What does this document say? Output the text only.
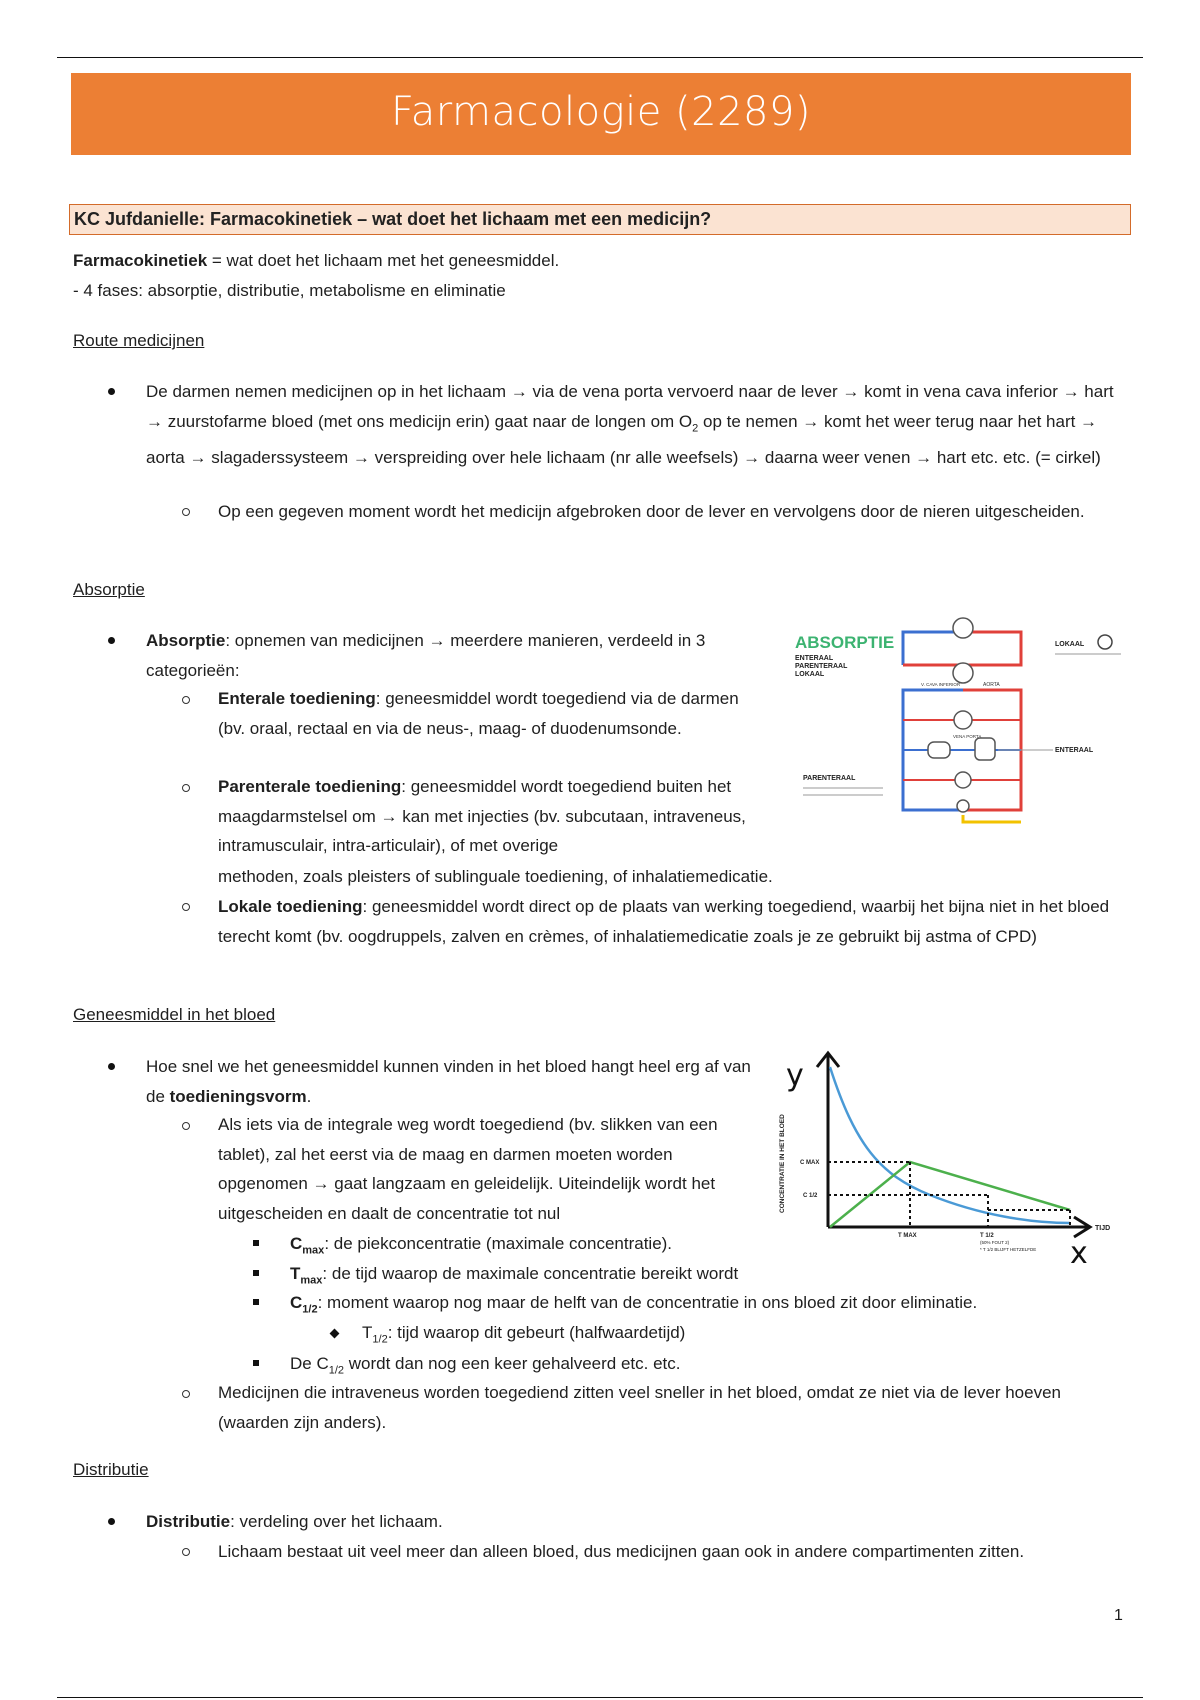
Farmacologie (2289)
KC Jufdanielle: Farmacokinetiek – wat doet het lichaam met een medicijn?
Farmacokinetiek = wat doet het lichaam met het geneesmiddel.
- 4 fases: absorptie, distributie, metabolisme en eliminatie
Route medicijnen
De darmen nemen medicijnen op in het lichaam → via de vena porta vervoerd naar de lever → komt in vena cava inferior → hart → zuurstofarme bloed (met ons medicijn erin) gaat naar de longen om $O_2$ op te nemen → komt het weer terug naar het hart → aorta → slagaderssysteem → verspreiding over hele lichaam (nr alle weefsels) → daarna weer venen → hart etc. etc. (= cirkel)
Op een gegeven moment wordt het medicijn afgebroken door de lever en vervolgens door de nieren uitgescheiden.
Absorptie
Absorptie: opnemen van medicijnen → meerdere manieren, verdeeld in 3 categorieën:
Enterale toediening: geneesmiddel wordt toegediend via de darmen (bv. oraal, rectaal en via de neus-, maag- of duodenumsonde.
Parenterale toediening: geneesmiddel wordt toegediend buiten het maagdarmstelsel om → kan met injecties (bv. subcutaan, intraveneus, intramusculair, intra-articulair), of met overige
methoden, zoals pleisters of sublinguale toediening, of inhalatiemedicatie.
Lokale toediening: geneesmiddel wordt direct op de plaats van werking toegediend, waarbij het bijna niet in het bloed terecht komt (bv. oogdruppels, zalven en crèmes, of inhalatiemedicatie zoals je ze gebruikt bij astma of CPD)
ABSORPTIE
ENTERAAL
PARENTERAAL
LOKAAL
V. CAVA INFERIOR	AORTA
VENA PORTA
LOKAAL
ENTERAAL
PARENTERAAL
Geneesmiddel in het bloed
Hoe snel we het geneesmiddel kunnen vinden in het bloed hangt heel erg af van de toedieningsvorm.
Als iets via de integrale weg wordt toegediend (bv. slikken van een tablet), zal het eerst via de maag en darmen moeten worden opgenomen → gaat langzaam en geleidelijk. Uiteindelijk wordt het uitgescheiden en daalt de concentratie tot nul
$C_{max}$: de piekconcentratie (maximale concentratie).
$T_{max}$: de tijd waarop de maximale concentratie bereikt wordt
$C_{1/2}$: moment waarop nog maar de helft van de concentratie in ons bloed zit door eliminatie.
$T_{1/2}$: tijd waarop dit gebeurt (halfwaardetijd)
De $C_{1/2}$ wordt dan nog een keer gehalveerd etc. etc.
Medicijnen die intraveneus worden toegediend zitten veel sneller in het bloed, omdat ze niet via de lever hoeven (waarden zijn anders).
y
CONCENTRATIE IN HET BLOED
TIJD
x
C MAX
C 1/2
T MAX	T 1/2
(50% FOUT 2)
* T 1/2 BLIJFT HETZELFDE
Distributie
Distributie: verdeling over het lichaam.
Lichaam bestaat uit veel meer dan alleen bloed, dus medicijnen gaan ook in andere compartimenten zitten.
1
